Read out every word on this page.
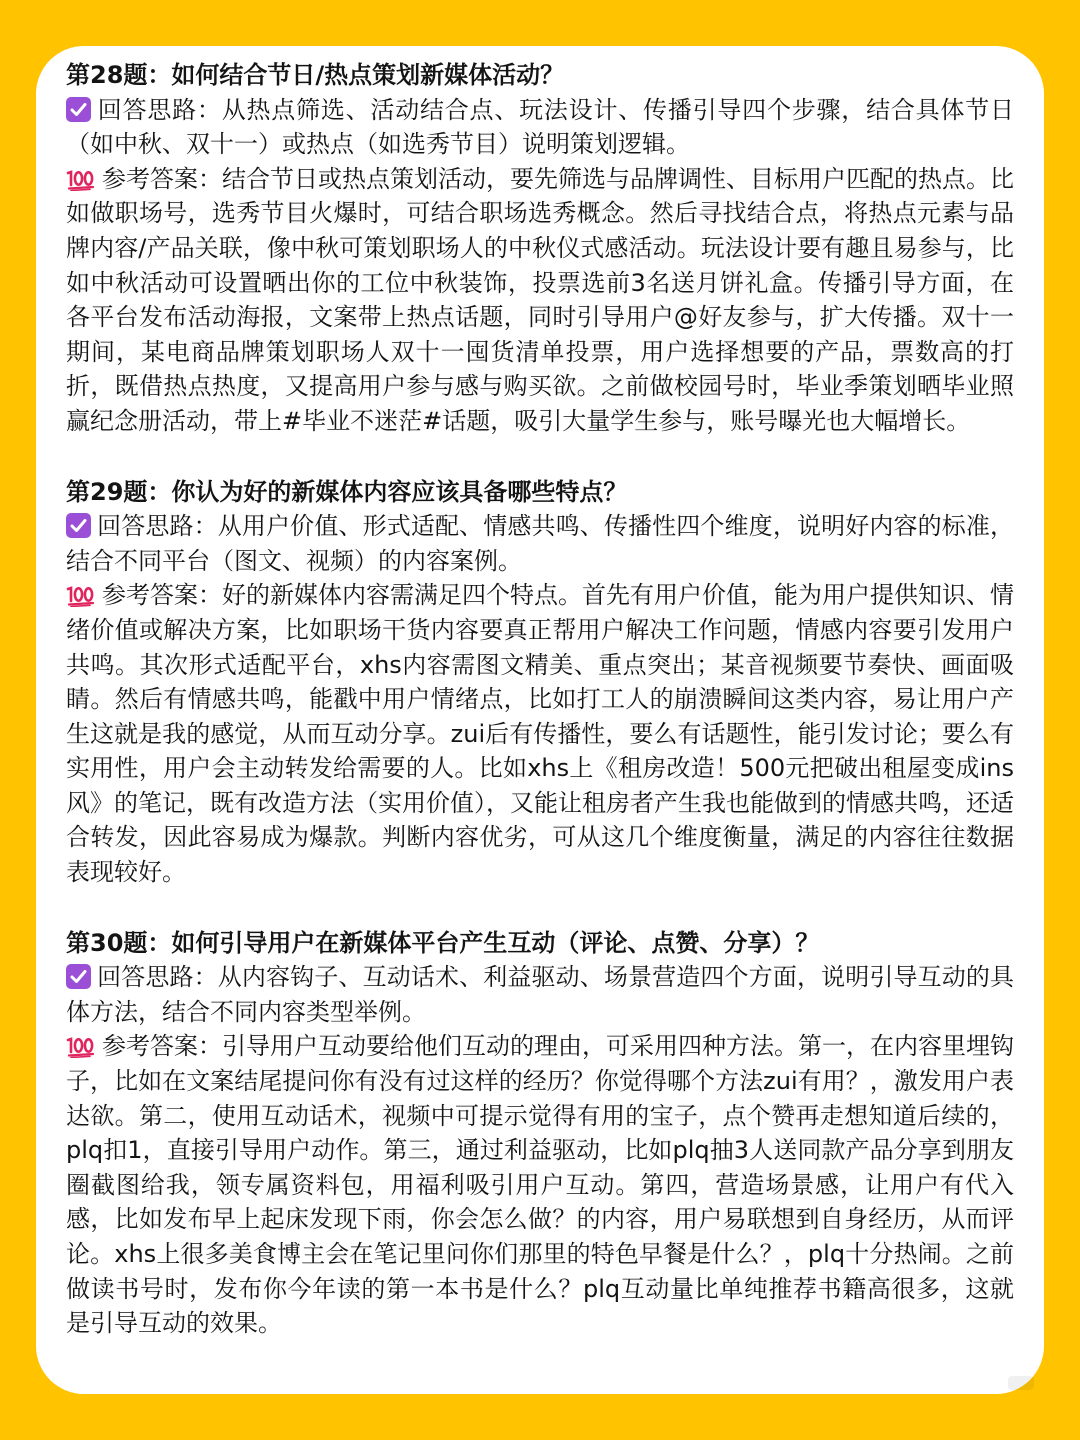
第28题：如何结合节日/热点策划新媒体活动？

回答思路：从热点筛选、活动结合点、玩法设计、传播引导四个步骤，结合具体节日（如中秋、双十一）或热点（如选秀节目）说明策划逻辑。

参考答案：结合节日或热点策划活动，要先筛选与品牌调性、目标用户匹配的热点。比如做职场号，选秀节目火爆时，可结合职场选秀概念。然后寻找结合点，将热点元素与品牌内容/产品关联，像中秋可策划职场人的中秋仪式感活动。玩法设计要有趣且易参与，比如中秋活动可设置晒出你的工位中秋装饰，投票选前3名送月饼礼盒。传播引导方面，在各平台发布活动海报，文案带上热点话题，同时引导用户@好友参与，扩大传播。双十一期间，某电商品牌策划职场人双十一囤货清单投票，用户选择想要的产品，票数高的打折，既借热点热度，又提高用户参与感与购买欲。之前做校园号时，毕业季策划晒毕业照赢纪念册活动，带上#毕业不迷茫#话题，吸引大量学生参与，账号曝光也大幅增长。

第29题：你认为好的新媒体内容应该具备哪些特点？

回答思路：从用户价值、形式适配、情感共鸣、传播性四个维度，说明好内容的标准，结合不同平台（图文、视频）的内容案例。

参考答案：好的新媒体内容需满足四个特点。首先有用户价值，能为用户提供知识、情绪价值或解决方案，比如职场干货内容要真正帮用户解决工作问题，情感内容要引发用户共鸣。其次形式适配平台，xhs内容需图文精美、重点突出；某音视频要节奏快、画面吸睛。然后有情感共鸣，能戳中用户情绪点，比如打工人的崩溃瞬间这类内容，易让用户产生这就是我的感觉，从而互动分享。zui后有传播性，要么有话题性，能引发讨论；要么有实用性，用户会主动转发给需要的人。比如xhs上《租房改造！500元把破出租屋变成ins风》的笔记，既有改造方法（实用价值），又能让租房者产生我也能做到的情感共鸣，还适合转发，因此容易成为爆款。判断内容优劣，可从这几个维度衡量，满足的内容往往数据表现较好。

第30题：如何引导用户在新媒体平台产生互动（评论、点赞、分享）？

回答思路：从内容钩子、互动话术、利益驱动、场景营造四个方面，说明引导互动的具体方法，结合不同内容类型举例。

参考答案：引导用户互动要给他们互动的理由，可采用四种方法。第一，在内容里埋钩子，比如在文案结尾提问你有没有过这样的经历？你觉得哪个方法zui有用？，激发用户表达欲。第二，使用互动话术，视频中可提示觉得有用的宝子，点个赞再走想知道后续的，plq扣1，直接引导用户动作。第三，通过利益驱动，比如plq抽3人送同款产品分享到朋友圈截图给我，领专属资料包，用福利吸引用户互动。第四，营造场景感，让用户有代入感，比如发布早上起床发现下雨，你会怎么做？的内容，用户易联想到自身经历，从而评论。xhs上很多美食博主会在笔记里问你们那里的特色早餐是什么？，plq十分热闹。之前做读书号时，发布你今年读的第一本书是什么？plq互动量比单纯推荐书籍高很多，这就是引导互动的效果。
